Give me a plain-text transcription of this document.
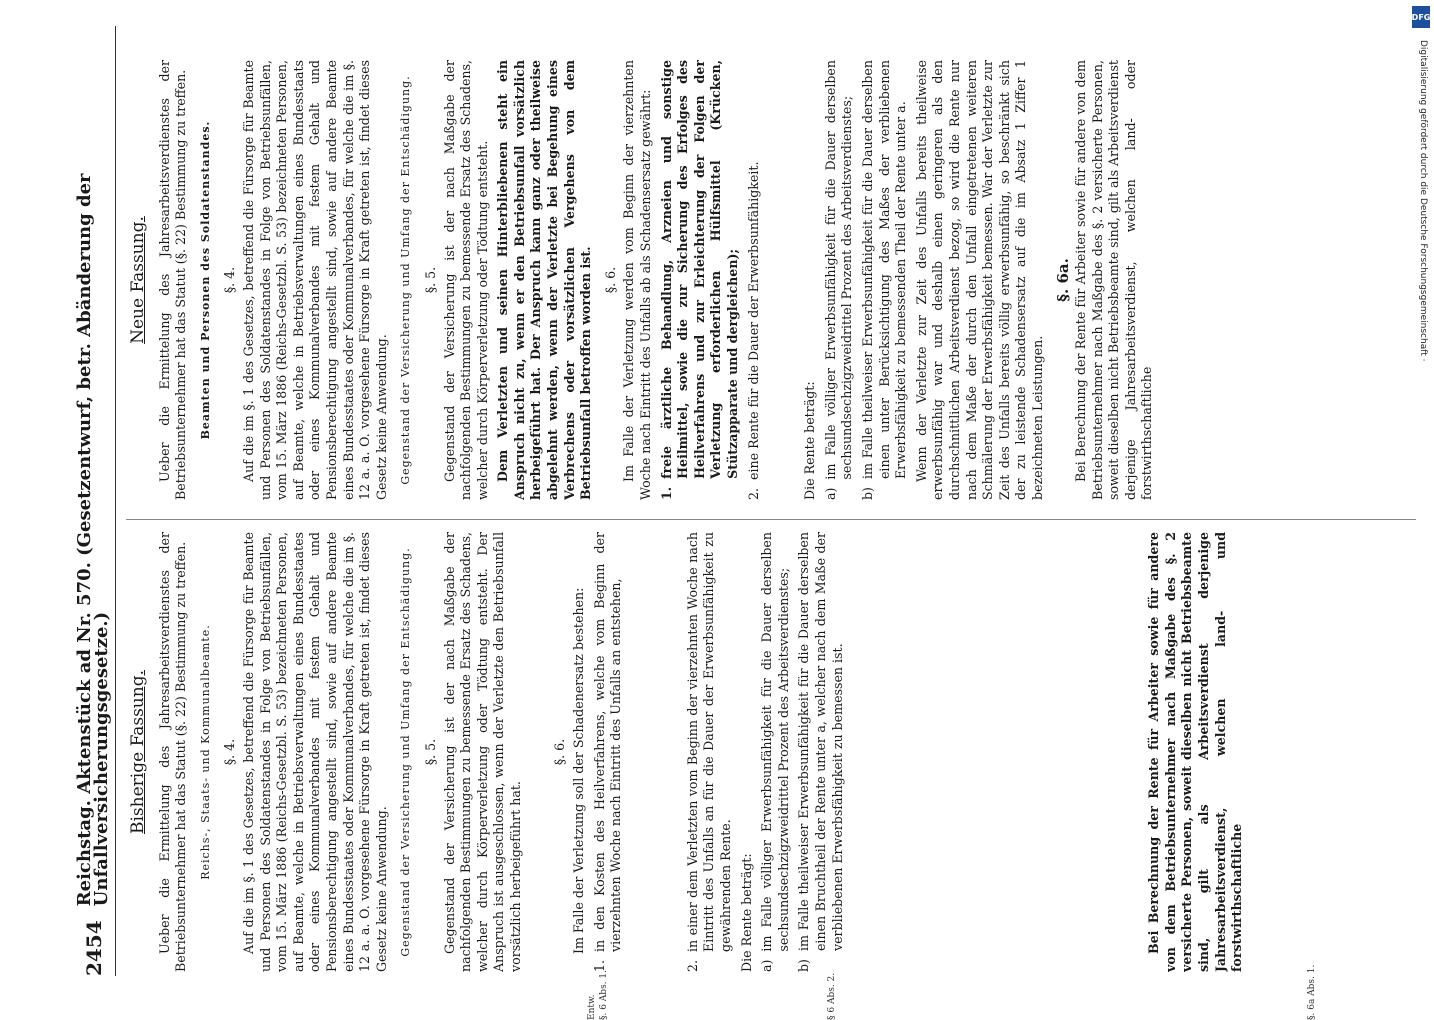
DFG
Digitalisierung gefördert durch die Deutsche Forschungsgemeinschaft ·
2454
Reichstag. Aktenstück ad Nr. 570. (Gesetzentwurf, betr. Abänderung der Unfallversicherungsgesetze.)
Entw. §. 6 Abs. 1.	§ 6 Abs. 2.	§. 6a Abs. 1.
Bisherige Fassung. Ueber die Ermittelung des Jahresarbeitsverdienstes der Betriebsunternehmer hat das Statut (§. 22) Bestimmung zu treffen. Reichs-, Staats- und Kommunalbeamte. §. 4. Auf die im §. 1 des Gesetzes, betreffend die Fürsorge für Beamte und Personen des Soldatenstandes in Folge von Betriebsunfällen, vom 15. März 1886 (Reichs-Gesetzbl. S. 53) bezeichneten Personen, auf Beamte, welche in Betriebsverwaltungen eines Bundesstaates oder eines Kommunalverbandes mit festem Gehalt und Pensionsberechtigung angestellt sind, sowie auf andere Beamte eines Bundesstaates oder Kommunalverbandes, für welche die im §. 12 a. a. O. vorgesehene Fürsorge in Kraft getreten ist, findet dieses Gesetz keine Anwendung. Gegenstand der Versicherung und Umfang der Entschädigung. §. 5. Gegenstand der Versicherung ist der nach Maßgabe der nachfolgenden Bestimmungen zu bemessende Ersatz des Schadens, welcher durch Körperverletzung oder Tödtung entsteht. Der Anspruch ist ausgeschlossen, wenn der Verletzte den Betriebsunfall vorsätzlich herbeigeführt hat.

§. 6. Im Falle der Verletzung soll der Schadenersatz bestehen:

1.
in den Kosten des Heilverfahrens, welche vom Beginn der vierzehnten Woche nach Eintritt des Unfalls an entstehen,
2.
in einer dem Verletzten vom Beginn der vierzehnten Woche nach Eintritt des Unfalls an für die Dauer der Erwerbsunfähigkeit zu gewährenden Rente. Die Rente beträgt: a)
im Falle völliger Erwerbsunfähigkeit für die Dauer derselben sechsundsechzigzweidrittel Prozent des Arbeitsverdienstes;
b)
im Falle theilweiser Erwerbsunfähigkeit für die Dauer derselben einen Bruchtheil der Rente unter a, welcher nach dem Maße der verbliebenen Erwerbsfähigkeit zu bemessen ist.	Bei Berechnung der Rente für Arbeiter sowie für andere von dem Betriebsunternehmer nach Maßgabe des §. 2 versicherte Personen, soweit dieselben nicht Betriebsbeamte sind, gilt als Arbeitsverdienst derjenige Jahresarbeitsverdienst, welchen land- und forstwirthschaftliche

Neue Fassung. Ueber die Ermittelung des Jahresarbeitsverdienstes der Betriebsunternehmer hat das Statut (§. 22) Bestimmung zu treffen. Beamten und Personen des Soldatenstandes. §. 4. Auf die im §. 1 des Gesetzes, betreffend die Fürsorge für Beamte und Personen des Soldatenstandes in Folge von Betriebsunfällen, vom 15. März 1886 (Reichs-Gesetzbl. S. 53) bezeichneten Personen, auf Beamte, welche in Betriebsverwaltungen eines Bundesstaats oder eines Kommunalverbandes mit festem Gehalt und Pensionsberechtigung angestellt sind, sowie auf andere Beamte eines Bundesstaates oder Kommunalverbandes, für welche die im §. 12 a. a. O. vorgesehene Fürsorge in Kraft getreten ist, findet dieses Gesetz keine Anwendung. Gegenstand der Versicherung und Umfang der Entschädigung. §. 5. Gegenstand der Versicherung ist der nach Maßgabe der nachfolgenden Bestimmungen zu bemessende Ersatz des Schadens, welcher durch Körperverletzung oder Tödtung entsteht. Dem Verletzten und seinen Hinterbliebenen steht ein Anspruch nicht zu, wenn er den Betriebsunfall vorsätzlich herbeigeführt hat. Der Anspruch kann ganz oder theilweise abgelehnt werden, wenn der Verletzte bei Begehung eines Verbrechens oder vorsätzlichen Vergehens von dem Betriebsunfall betroffen worden ist. §. 6. Im Falle der Verletzung werden vom Beginn der vierzehnten Woche nach Eintritt des Unfalls ab als Schadensersatz gewährt: 1.
freie ärztliche Behandlung, Arzneien und sonstige Heilmittel, sowie die zur Sicherung des Erfolges des Heilverfahrens und zur Erleichterung der Folgen der Verletzung erforderlichen Hülfsmittel (Krücken, Stützapparate und dergleichen);
2.
eine Rente für die Dauer der Erwerbsunfähigkeit.	Die Rente beträgt: a)
im Falle völliger Erwerbsunfähigkeit für die Dauer derselben sechsundsechzigzweidrittel Prozent des Arbeitsverdienstes;
b)
im Falle theilweiser Erwerbsunfähigkeit für die Dauer derselben einen unter Berücksichtigung des Maßes der verbliebenen Erwerbsfähigkeit zu bemessenden Theil der Rente unter a. Wenn der Verletzte zur Zeit des Unfalls bereits theilweise erwerbsunfähig war und deshalb einen geringeren als den durchschnittlichen Arbeitsverdienst bezog, so wird die Rente nur nach dem Maße der durch den Unfall eingetretenen weiteren Schmälerung der Erwerbsfähigkeit bemessen. War der Verletzte zur Zeit des Unfalls bereits völlig erwerbsunfähig, so beschränkt sich der zu leistende Schadensersatz auf die im Absatz 1 Ziffer 1 bezeichneten Leistungen.

§. 6a. Bei Berechnung der Rente für Arbeiter sowie für andere von dem Betriebsunternehmer nach Maßgabe des §. 2 versicherte Personen, soweit dieselben nicht Betriebsbeamte sind, gilt als Arbeitsverdienst derjenige Jahresarbeitsverdienst, welchen land- oder forstwirthschaftliche
